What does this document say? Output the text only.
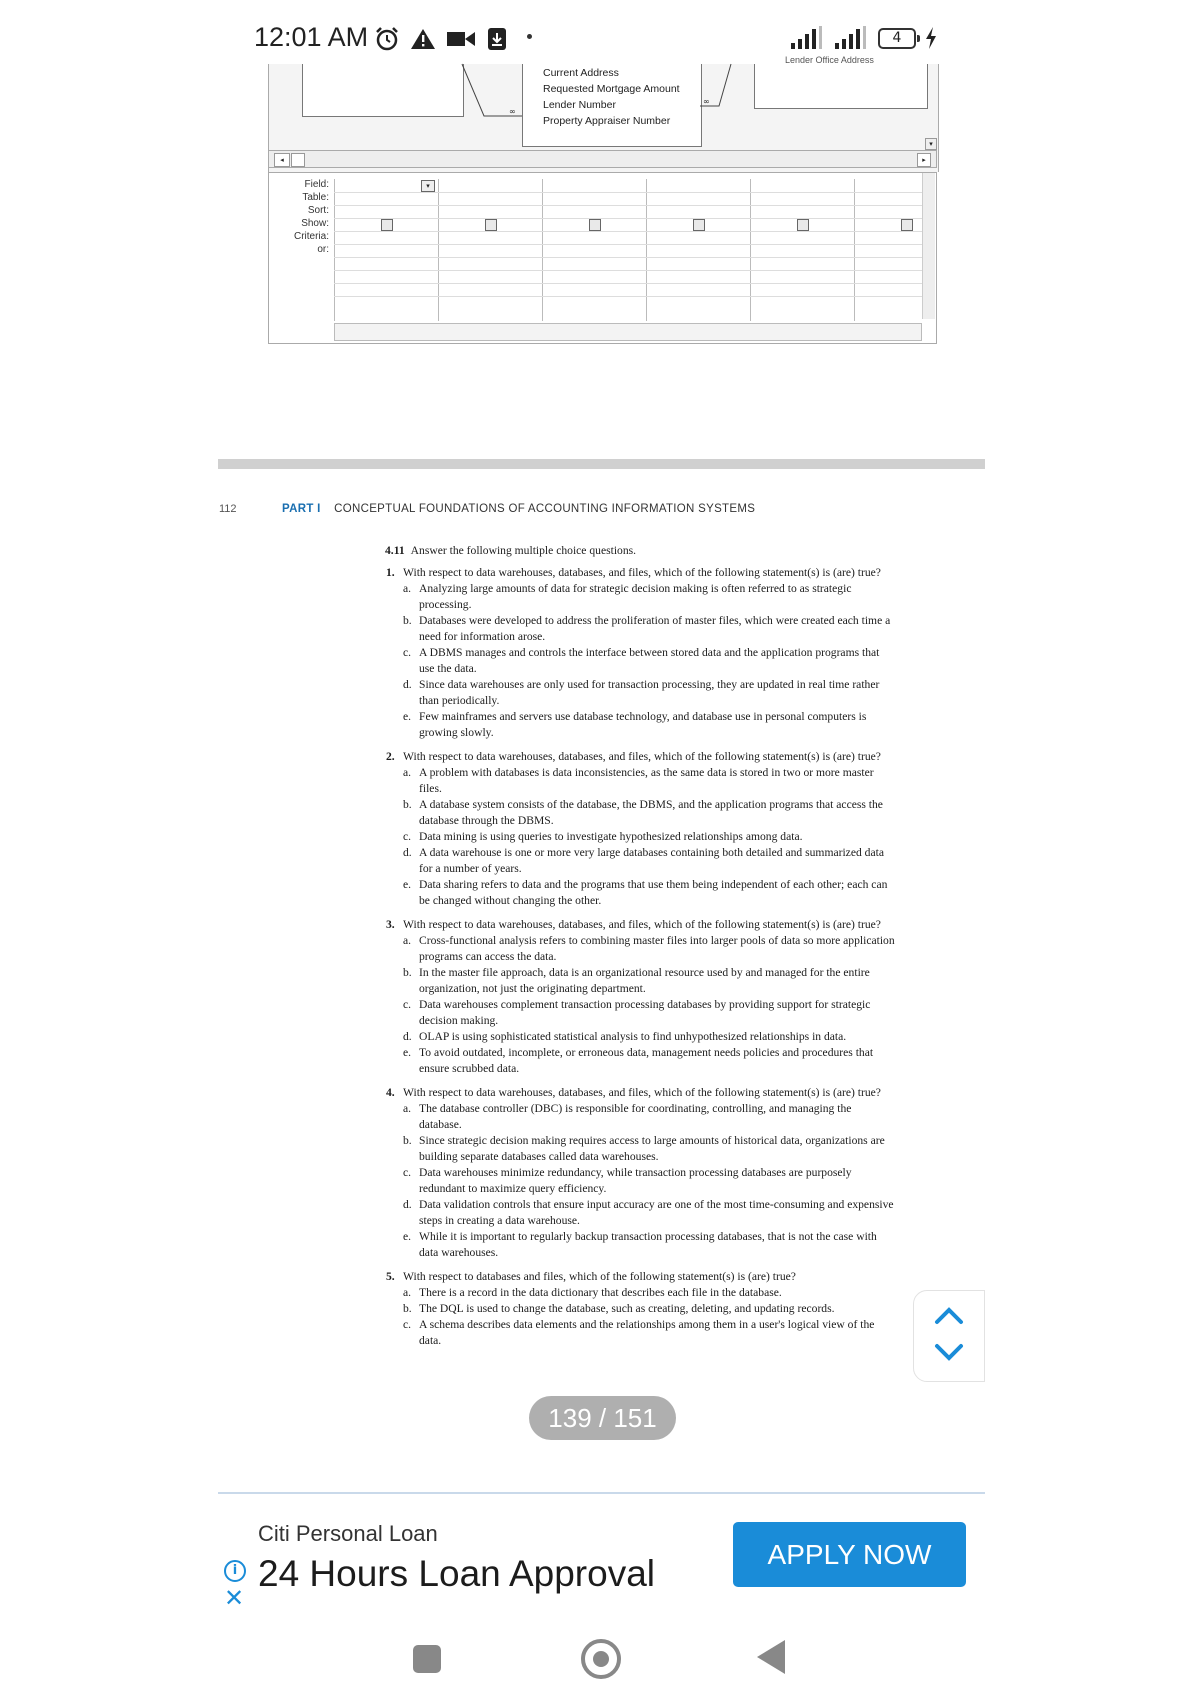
12:01 AM	4
Current Address
Requested Mortgage Amount
Lender Number
Property Appraiser Number
Lender Office Address
∞
∞
▾
◂	▸
Field:
Table:
Sort:
Show:
Criteria:
or:
▾
112	PART I CONCEPTUAL FOUNDATIONS OF ACCOUNTING INFORMATION SYSTEMS

4.11 Answer the following multiple choice questions.

1. With respect to data warehouses, databases, and files, which of the following statement(s) is (are) true?
a. Analyzing large amounts of data for strategic decision making is often referred to as strategic processing.
b. Databases were developed to address the proliferation of master files, which were created each time a need for information arose.
c. A DBMS manages and controls the interface between stored data and the application programs that use the data.
d. Since data warehouses are only used for transaction processing, they are updated in real time rather than periodically.
e. Few mainframes and servers use database technology, and database use in personal computers is growing slowly.
2. With respect to data warehouses, databases, and files, which of the following statement(s) is (are) true?
a. A problem with databases is data inconsistencies, as the same data is stored in two or more master files.
b. A database system consists of the database, the DBMS, and the application programs that access the database through the DBMS.
c. Data mining is using queries to investigate hypothesized relationships among data.
d. A data warehouse is one or more very large databases containing both detailed and summarized data for a number of years.
e. Data sharing refers to data and the programs that use them being independent of each other; each can be changed without changing the other.
3. With respect to data warehouses, databases, and files, which of the following statement(s) is (are) true?
a. Cross-functional analysis refers to combining master files into larger pools of data so more application programs can access the data.
b. In the master file approach, data is an organizational resource used by and managed for the entire organization, not just the originating department.
c. Data warehouses complement transaction processing databases by providing support for strategic decision making.
d. OLAP is using sophisticated statistical analysis to find unhypothesized relationships in data.
e. To avoid outdated, incomplete, or erroneous data, management needs policies and procedures that ensure scrubbed data.
4. With respect to data warehouses, databases, and files, which of the following statement(s) is (are) true?
a. The database controller (DBC) is responsible for coordinating, controlling, and managing the database.
b. Since strategic decision making requires access to large amounts of historical data, organizations are building separate databases called data warehouses.
c. Data warehouses minimize redundancy, while transaction processing databases are purposely redundant to maximize query efficiency.
d. Data validation controls that ensure input accuracy are one of the most time-consuming and expensive steps in creating a data warehouse.
e. While it is important to regularly backup transaction processing databases, that is not the case with data warehouses.
5. With respect to databases and files, which of the following statement(s) is (are) true?
a. There is a record in the data dictionary that describes each file in the database.
b. The DQL is used to change the database, such as creating, deleting, and updating records.
c. A schema describes data elements and the relationships among them in a user's logical view of the data.
139 / 151
Citi Personal Loan
24 Hours Loan Approval
i
✕
APPLY NOW
